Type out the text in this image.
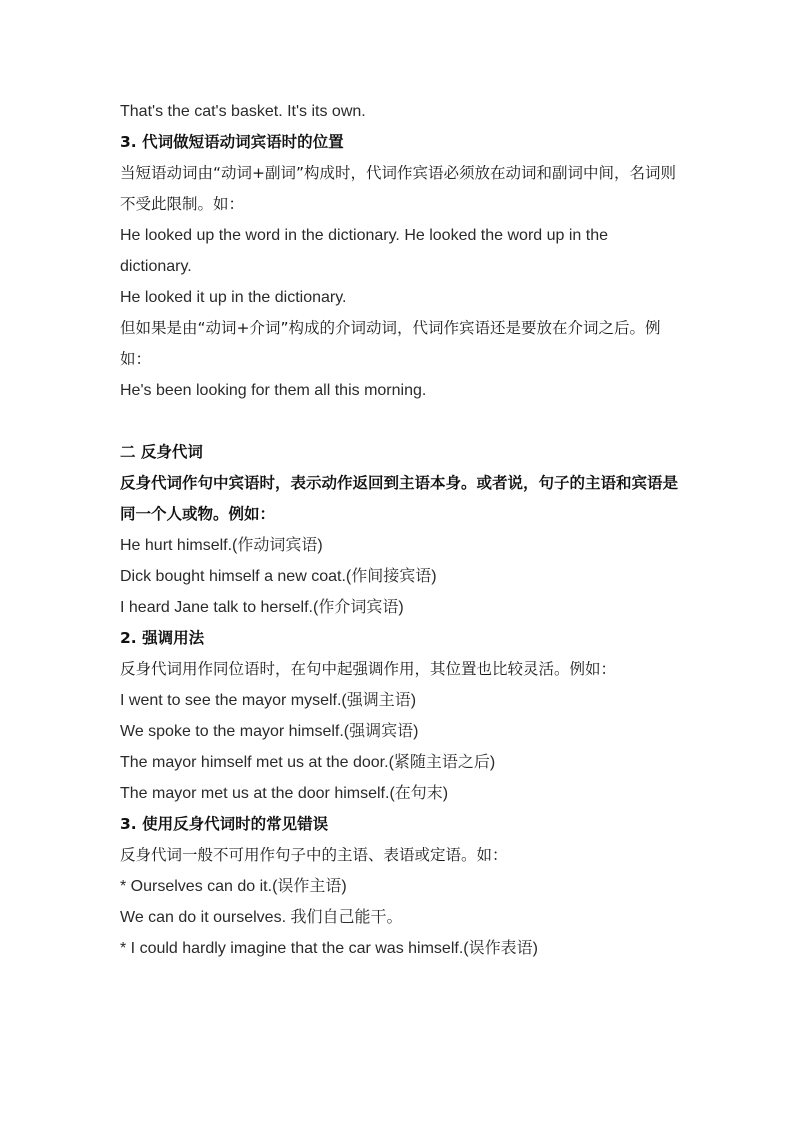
That's the cat's basket. It's its own.

3. 代词做短语动词宾语时的位置

当短语动词由“动词+副词”构成时，代词作宾语必须放在动词和副词中间，名词则不受此限制。如：

He looked up the word in the dictionary. He looked the word up in the dictionary.

He looked it up in the dictionary.

但如果是由“动词+介词”构成的介词动词，代词作宾语还是要放在介词之后。例如：

He's been looking for them all this morning.

二 反身代词

反身代词作句中宾语时，表示动作返回到主语本身。或者说，句子的主语和宾语是同一个人或物。例如：

He hurt himself.(作动词宾语)

Dick bought himself a new coat.(作间接宾语)

I heard Jane talk to herself.(作介词宾语)

2. 强调用法

反身代词用作同位语时，在句中起强调作用，其位置也比较灵活。例如：

I went to see the mayor myself.(强调主语)

We spoke to the mayor himself.(强调宾语)

The mayor himself met us at the door.(紧随主语之后)

The mayor met us at the door himself.(在句末)

3. 使用反身代词时的常见错误

反身代词一般不可用作句子中的主语、表语或定语。如：

* Ourselves can do it.(误作主语)

We can do it ourselves. 我们自己能干。

* I could hardly imagine that the car was himself.(误作表语)
